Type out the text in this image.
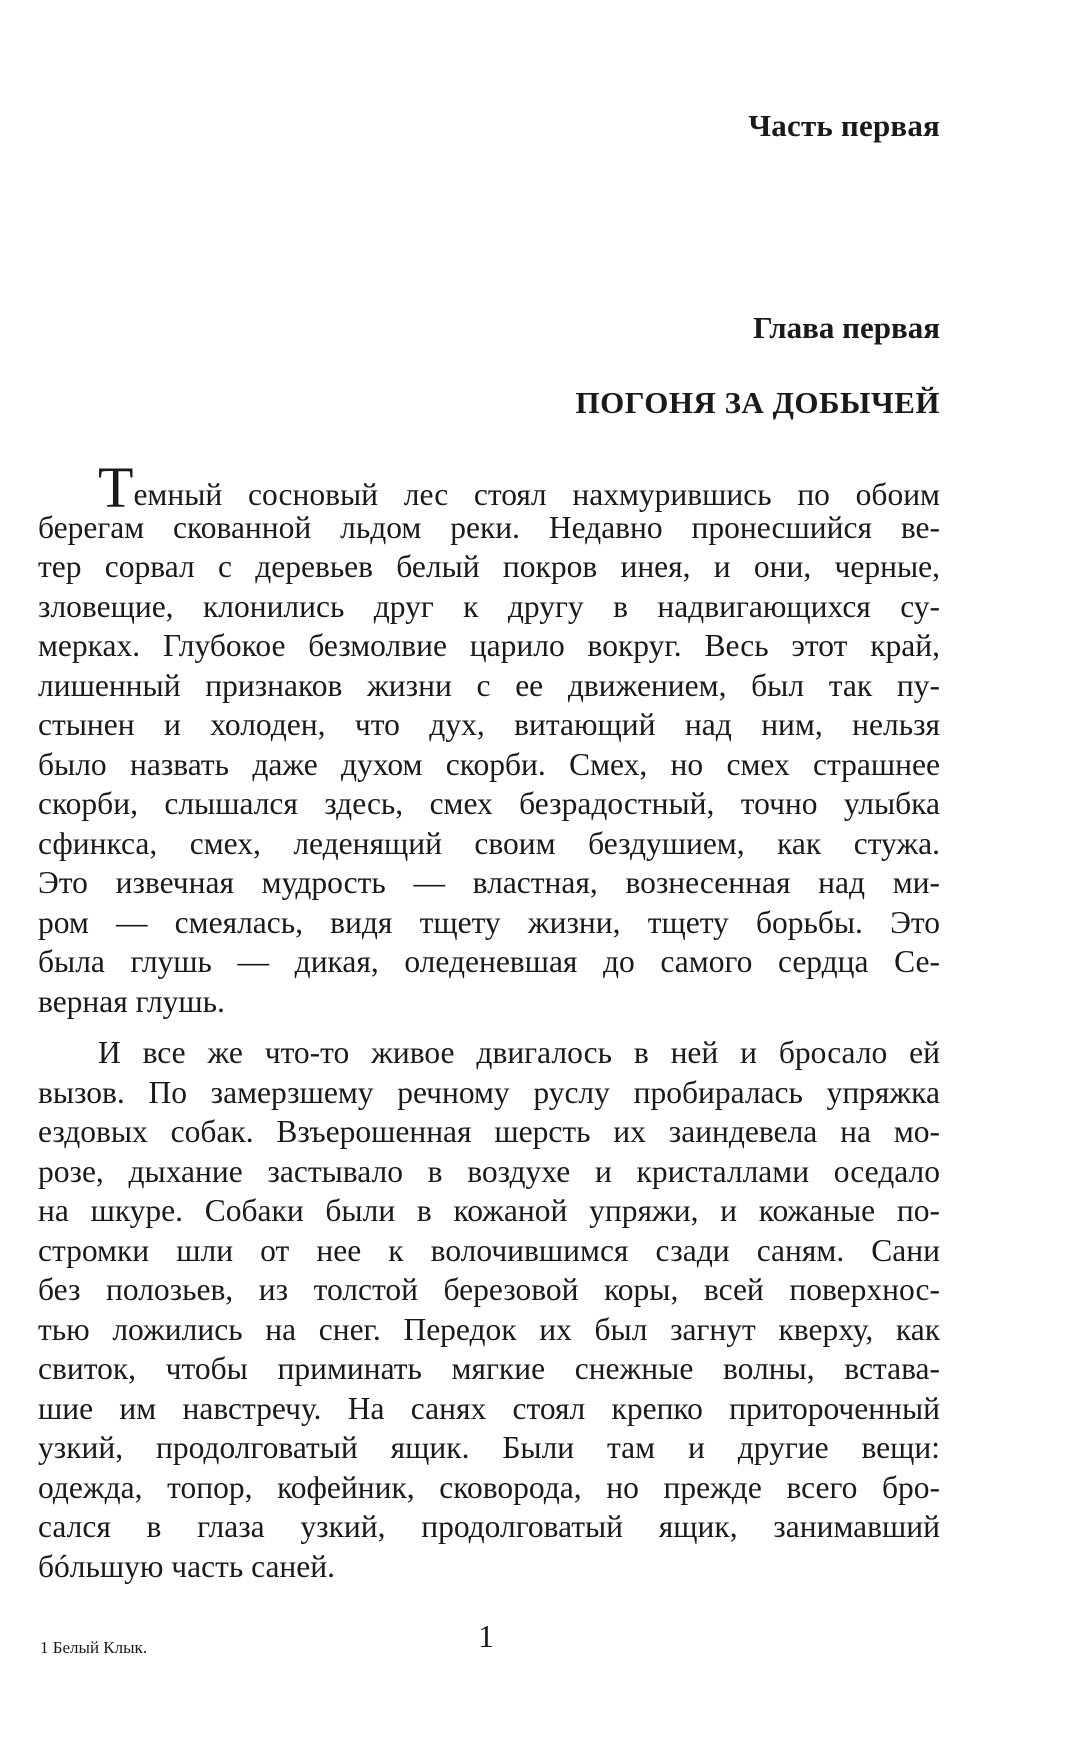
Часть первая
Глава первая
ПОГОНЯ ЗА ДОБЫЧЕЙ
Темный сосновый лес стоял нахмурившись по обоим
берегам скованной льдом реки. Недавно пронесшийся ве-
тер сорвал с деревьев белый покров инея, и они, черные,
зловещие, клонились друг к другу в надвигающихся су-
мерках. Глубокое безмолвие царило вокруг. Весь этот край,
лишенный признаков жизни с ее движением, был так пу-
стынен и холоден, что дух, витающий над ним, нельзя
было назвать даже духом скорби. Смех, но смех страшнее
скорби, слышался здесь, смех безрадостный, точно улыбка
сфинкса, смех, леденящий своим бездушием, как стужа.
Это извечная мудрость — властная, вознесенная над ми-
ром — смеялась, видя тщету жизни, тщету борьбы. Это
была глушь — дикая, оледеневшая до самого сердца Се-
верная глушь.
И все же что-то живое двигалось в ней и бросало ей
вызов. По замерзшему речному руслу пробиралась упряжка
ездовых собак. Взъерошенная шерсть их заиндевела на мо-
розе, дыхание застывало в воздухе и кристаллами оседало
на шкуре. Собаки были в кожаной упряжи, и кожаные по-
стромки шли от нее к волочившимся сзади саням. Сани
без полозьев, из толстой березовой коры, всей поверхнос-
тью ложились на снег. Передок их был загнут кверху, как
свиток, чтобы приминать мягкие снежные волны, встава-
шие им навстречу. На санях стоял крепко притороченный
узкий, продолговатый ящик. Были там и другие вещи:
одежда, топор, кофейник, сковорода, но прежде всего бро-
сался в глаза узкий, продолговатый ящик, занимавший
бóльшую часть саней.
1 Белый Клык.	1
